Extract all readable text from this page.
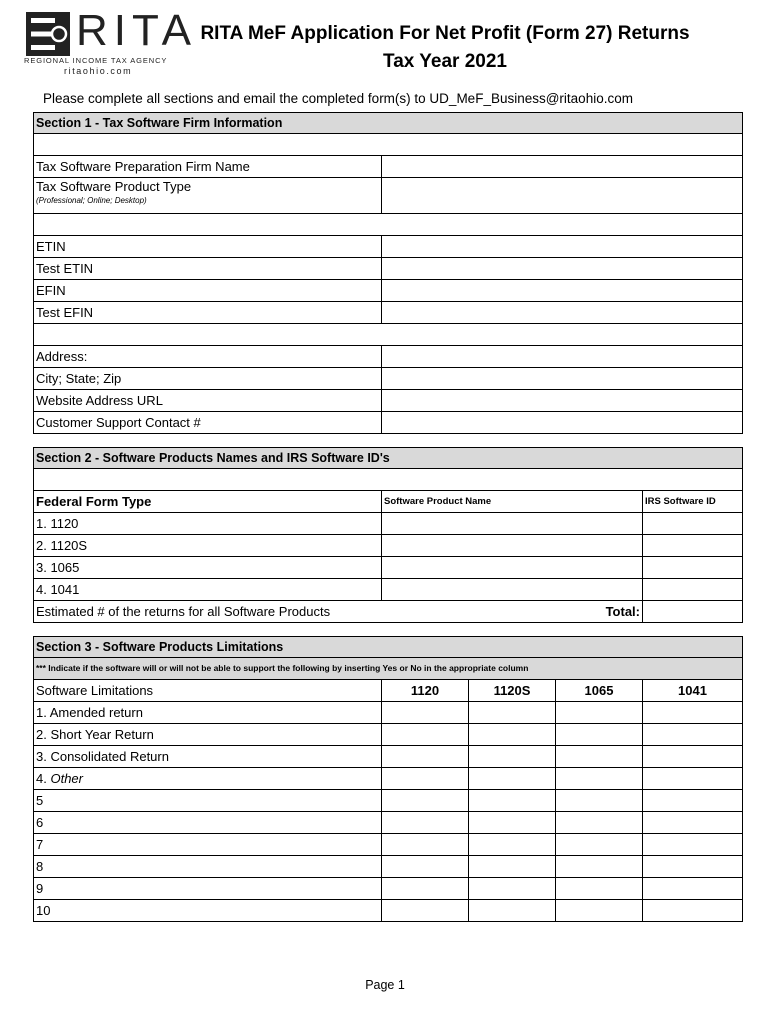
RITA
REGIONAL INCOME TAX AGENCY
ritaohio.com
RITA MeF Application For Net Profit (Form 27) Returns
Tax Year 2021
Please complete all sections and email the completed form(s) to UD_MeF_Business@ritaohio.com
Section 1 - Tax Software Firm Information
Tax Software Preparation Firm Name
Tax Software Product Type
(Professional; Online; Desktop)
ETIN
Test ETIN
EFIN
Test EFIN
Address:
City; State; Zip
Website Address URL
Customer Support Contact #
Section 2 - Software Products Names and IRS Software ID's
Federal Form Type	Software Product Name	IRS Software ID
1. 1120
2. 1120S
3. 1065
4. 1041
Estimated # of the returns for all Software Products	Total:
Section 3 - Software Products Limitations
*** Indicate if the software will or will not be able to support the following by inserting Yes or No in the appropriate column
Software Limitations	1120	1120S	1065	1041
1. Amended return
2. Short Year Return
3. Consolidated Return
4. Other
5
6
7
8
9
10
Page 1
